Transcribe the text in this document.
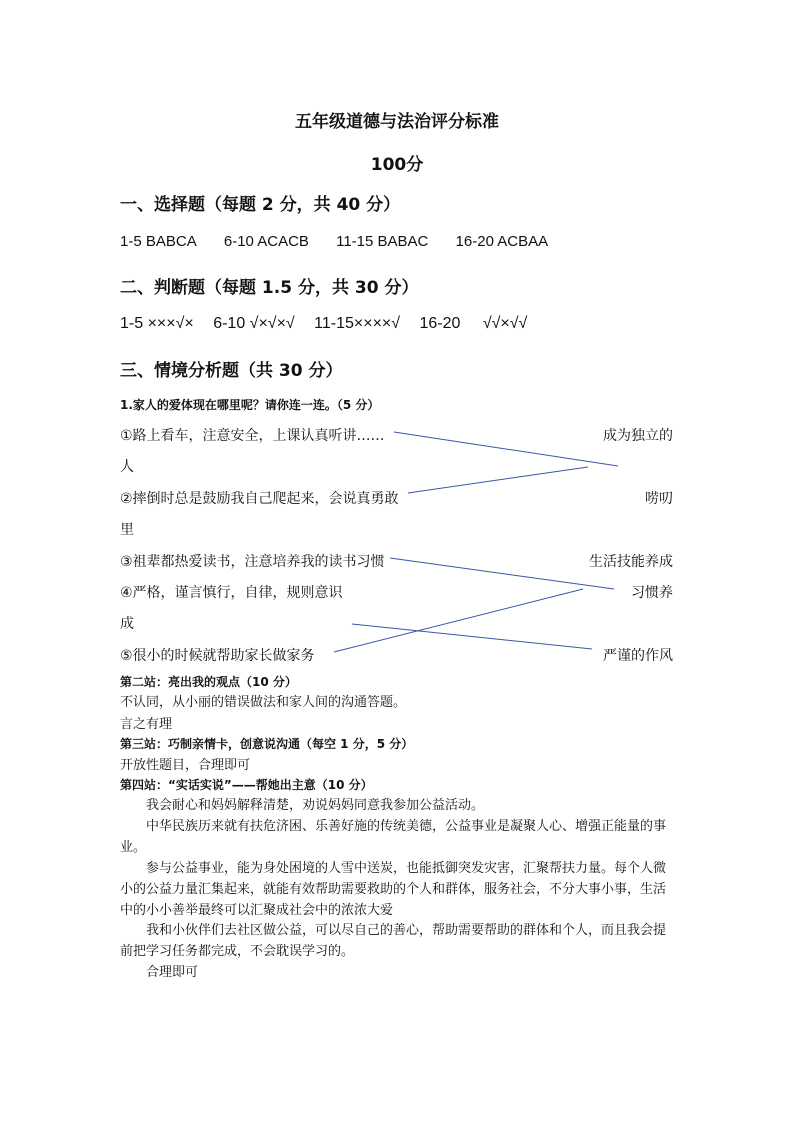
五年级道德与法治评分标准
100分
一、选择题（每题 2 分，共 40 分）
1-5 BABCA 6-10 ACACB 11-15 BABAC 16-20 ACBAA
二、判断题（每题 1.5 分，共 30 分）
1-5 ×××√× 6-10 √×√×√ 11-15××××√ 16-20 √√×√√
三、情境分析题（共 30 分）
1.家人的爱体现在哪里呢？请你连一连。（5 分）
①路上看车，注意安全，上课认真听讲……
人
②摔倒时总是鼓励我自己爬起来，会说真勇敢
里
③祖辈都热爱读书，注意培养我的读书习惯
④严格，谨言慎行，自律，规则意识
成
⑤很小的时候就帮助家长做家务
成为独立的
唠叨
生活技能养成
习惯养
严谨的作风
第二站：亮出我的观点（10 分）
不认同，从小丽的错误做法和家人间的沟通答题。
言之有理
第三站：巧制亲情卡，创意说沟通（每空 1 分，5 分）
开放性题目，合理即可
第四站：“实话实说”——帮她出主意（10 分）
我会耐心和妈妈解释清楚，劝说妈妈同意我参加公益活动。
中华民族历来就有扶危济困、乐善好施的传统美德，公益事业是凝聚人心、增强正能量的事业。
参与公益事业，能为身处困境的人雪中送炭，也能抵御突发灾害，汇聚帮扶力量。每个人微小的公益力量汇集起来，就能有效帮助需要救助的个人和群体，服务社会，不分大事小事，生活中的小小善举最终可以汇聚成社会中的浓浓大爱
我和小伙伴们去社区做公益，可以尽自己的善心，帮助需要帮助的群体和个人，而且我会提前把学习任务都完成，不会耽误学习的。
合理即可
